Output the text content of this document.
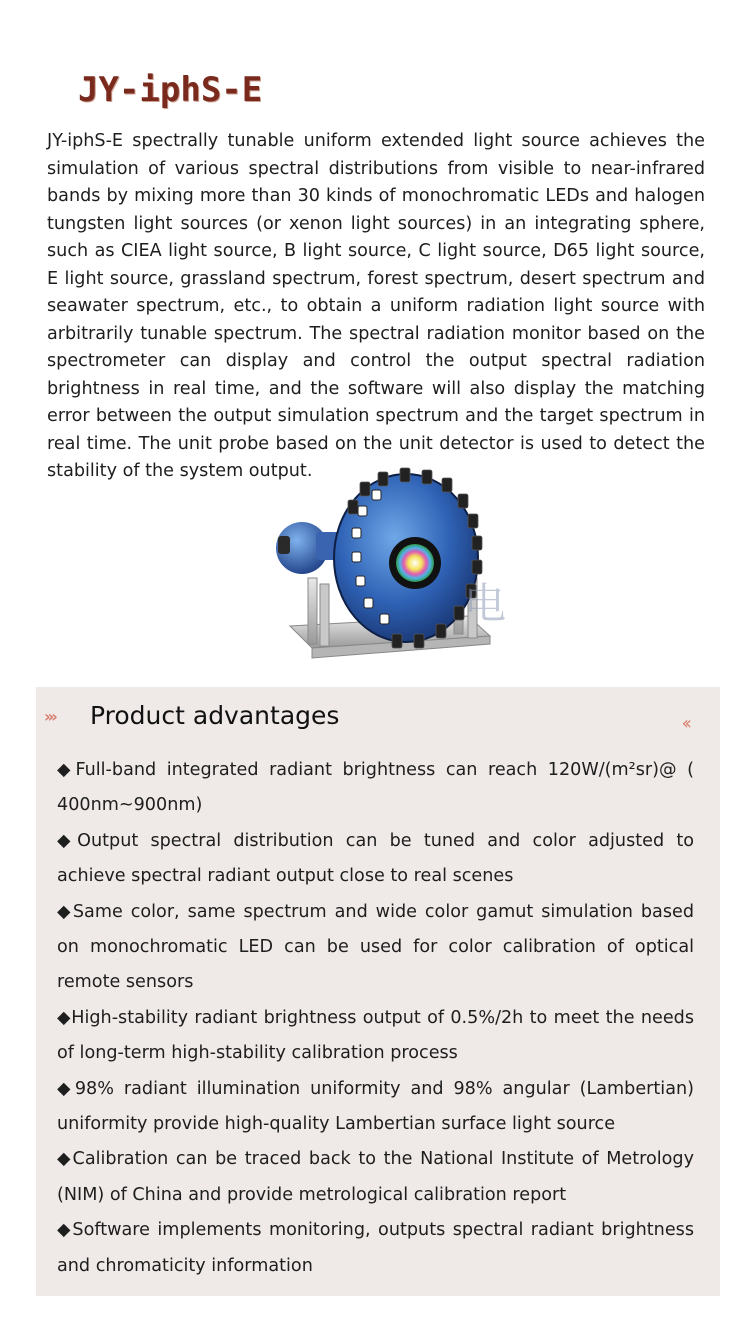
JY-iphS-E

JY-iphS-E spectrally tunable uniform extended light source achieves the simulation of various spectral distributions from visible to near-infrared bands by mixing more than 30 kinds of monochromatic LEDs and halogen tungsten light sources (or xenon light sources) in an integrating sphere, such as CIEA light source, B light source, C light source, D65 light source, E light source, grassland spectrum, forest spectrum, desert spectrum and seawater spectrum, etc., to obtain a uniform radiation light source with arbitrarily tunable spectrum. The spectral radiation monitor based on the spectrometer can display and control the output spectral radiation brightness in real time, and the software will also display the matching error between the output simulation spectrum and the target spectrum in real time. The unit probe based on the unit detector is used to detect the stability of the system output.

电
››› Product advantages	‹‹
◆Full-band integrated radiant brightness can reach 120W/(m²sr)@ ( 400nm~900nm)
◆Output spectral distribution can be tuned and color adjusted to achieve spectral radiant output close to real scenes
◆Same color, same spectrum and wide color gamut simulation based on monochromatic LED can be used for color calibration of optical remote sensors
◆High-stability radiant brightness output of 0.5%/2h to meet the needs of long-term high-stability calibration process
◆98% radiant illumination uniformity and 98% angular (Lambertian) uniformity provide high-quality Lambertian surface light source
◆Calibration can be traced back to the National Institute of Metrology (NIM) of China and provide metrological calibration report
◆Software implements monitoring, outputs spectral radiant brightness and chromaticity information
